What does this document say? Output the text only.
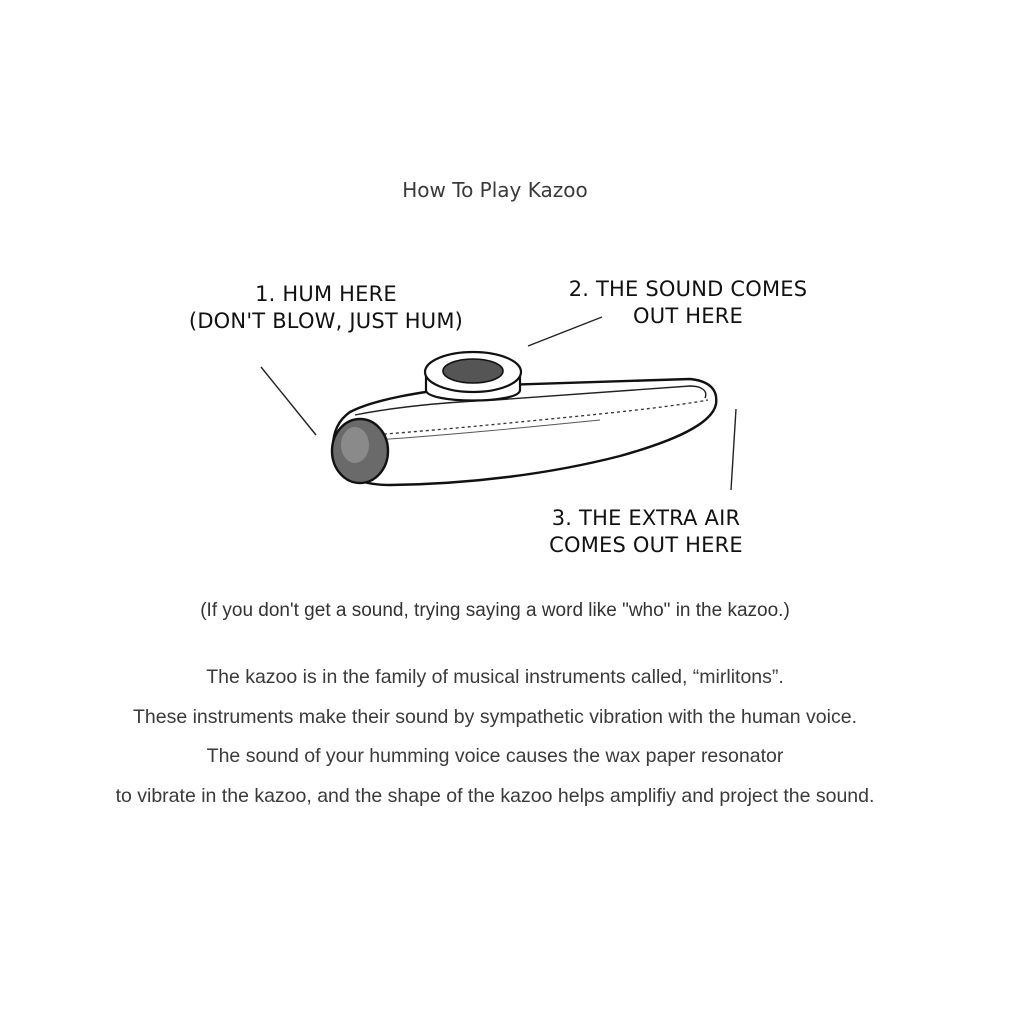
How To Play Kazoo
1. HUM HERE
(DON'T BLOW, JUST HUM)
2. THE SOUND COMES
OUT HERE
3. THE EXTRA AIR
COMES OUT HERE
(If you don't get a sound, trying saying a word like "who" in the kazoo.)
The kazoo is in the family of musical instruments called, “mirlitons”.
These instruments make their sound by sympathetic vibration with the human voice.
The sound of your humming voice causes the wax paper resonator
to vibrate in the kazoo, and the shape of the kazoo helps amplifiy and project the sound.
